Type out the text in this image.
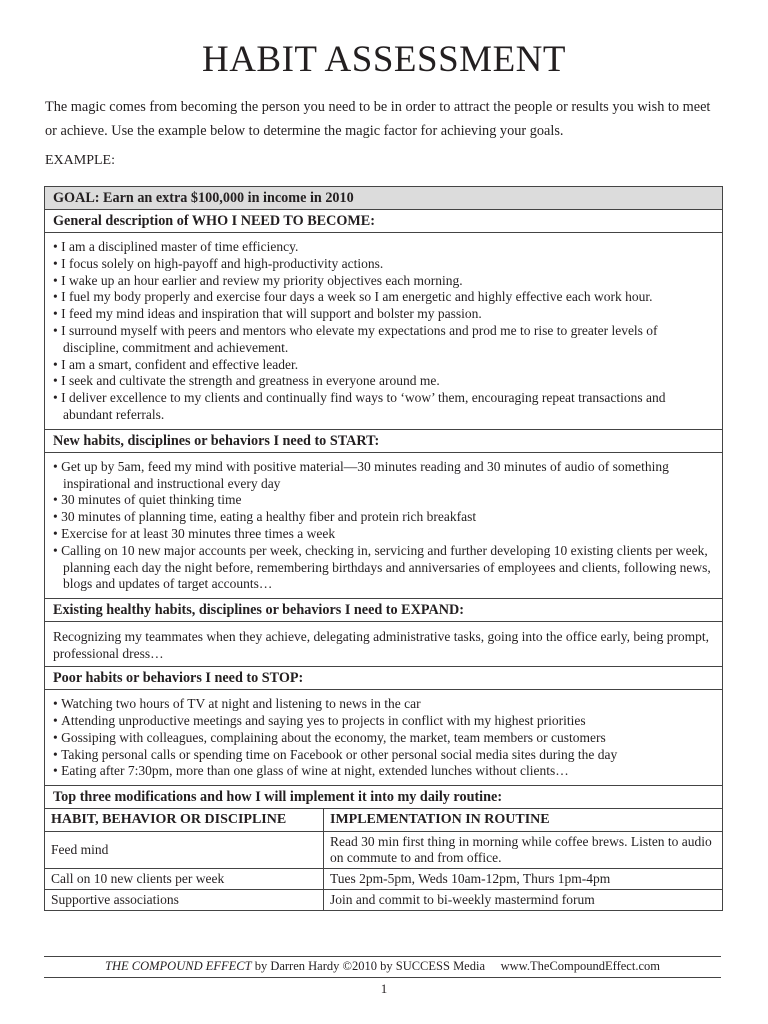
HABIT ASSESSMENT
The magic comes from becoming the person you need to be in order to attract the people or results you wish to meet or achieve. Use the example below to determine the magic factor for achieving your goals.
EXAMPLE:
GOAL: Earn an extra $100,000 in income in 2010
General description of WHO I NEED TO BECOME:
• I am a disciplined master of time efficiency.
• I focus solely on high-payoff and high-productivity actions.
• I wake up an hour earlier and review my priority objectives each morning.
• I fuel my body properly and exercise four days a week so I am energetic and highly effective each work hour.
• I feed my mind ideas and inspiration that will support and bolster my passion.
• I surround myself with peers and mentors who elevate my expectations and prod me to rise to greater levels of discipline, commitment and achievement.
• I am a smart, confident and effective leader.
• I seek and cultivate the strength and greatness in everyone around me.
• I deliver excellence to my clients and continually find ways to ‘wow’ them, encouraging repeat transactions and abundant referrals.
New habits, disciplines or behaviors I need to START:
• Get up by 5am, feed my mind with positive material—30 minutes reading and 30 minutes of audio of something inspirational and instructional every day
• 30 minutes of quiet thinking time
• 30 minutes of planning time, eating a healthy fiber and protein rich breakfast
• Exercise for at least 30 minutes three times a week
• Calling on 10 new major accounts per week, checking in, servicing and further developing 10 existing clients per week, planning each day the night before, remembering birthdays and anniversaries of employees and clients, following news, blogs and updates of target accounts…
Existing healthy habits, disciplines or behaviors I need to EXPAND:
Recognizing my teammates when they achieve, delegating administrative tasks, going into the office early, being prompt, professional dress…
Poor habits or behaviors I need to STOP:
• Watching two hours of TV at night and listening to news in the car
• Attending unproductive meetings and saying yes to projects in conflict with my highest priorities
• Gossiping with colleagues, complaining about the economy, the market, team members or customers
• Taking personal calls or spending time on Facebook or other personal social media sites during the day
• Eating after 7:30pm, more than one glass of wine at night, extended lunches without clients…
Top three modifications and how I will implement it into my daily routine:
HABIT, BEHAVIOR OR DISCIPLINE	IMPLEMENTATION IN ROUTINE
Feed mind	Read 30 min first thing in morning while coffee brews. Listen to audio on commute to and from office.
Call on 10 new clients per week	Tues 2pm-5pm, Weds 10am-12pm, Thurs 1pm-4pm
Supportive associations	Join and commit to bi-weekly mastermind forum
THE COMPOUND EFFECT by Darren Hardy ©2010 by SUCCESS Media www.TheCompoundEffect.com
1
